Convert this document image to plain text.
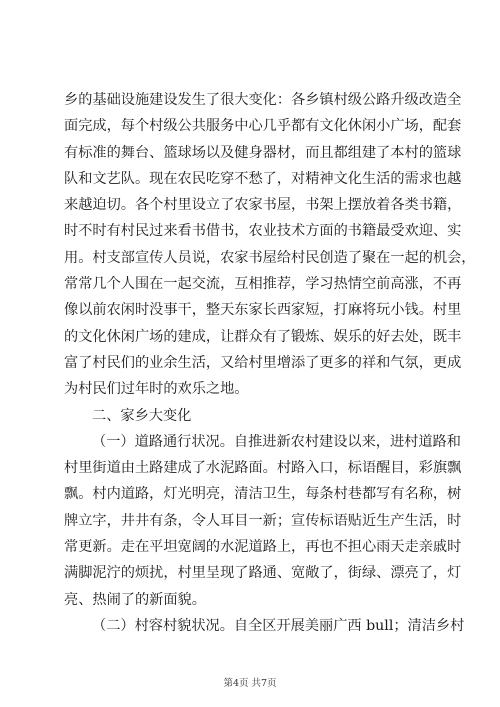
乡的基础设施建设发生了很大变化：各乡镇村级公路升级改造全
面完成，每个村级公共服务中心几乎都有文化休闲小广场，配套
有标准的舞台、篮球场以及健身器材，而且都组建了本村的篮球
队和文艺队。现在农民吃穿不愁了，对精神文化生活的需求也越
来越迫切。各个村里设立了农家书屋，书架上摆放着各类书籍，
时不时有村民过来看书借书，农业技术方面的书籍最受欢迎、实
用。村支部宣传人员说，农家书屋给村民创造了聚在一起的机会，
常常几个人围在一起交流，互相推荐，学习热情空前高涨，不再
像以前农闲时没事干，整天东家长西家短，打麻将玩小钱。村里
的文化休闲广场的建成，让群众有了锻炼、娱乐的好去处，既丰
富了村民们的业余生活，又给村里增添了更多的祥和气氛，更成
为村民们过年时的欢乐之地。
二、家乡大变化
（一）道路通行状况。自推进新农村建设以来，进村道路和
村里街道由土路建成了水泥路面。村路入口，标语醒目，彩旗飘
飘。村内道路，灯光明亮，清洁卫生，每条村巷都写有名称，树
牌立字，井井有条，令人耳目一新；宣传标语贴近生产生活，时
常更新。走在平坦宽阔的水泥道路上，再也不担心雨天走亲戚时
满脚泥泞的烦扰，村里呈现了路通、宽敞了，街绿、漂亮了，灯
亮、热闹了的新面貌。
（二）村容村貌状况。自全区开展美丽广西 bull；清洁乡村
第4页 共7页
